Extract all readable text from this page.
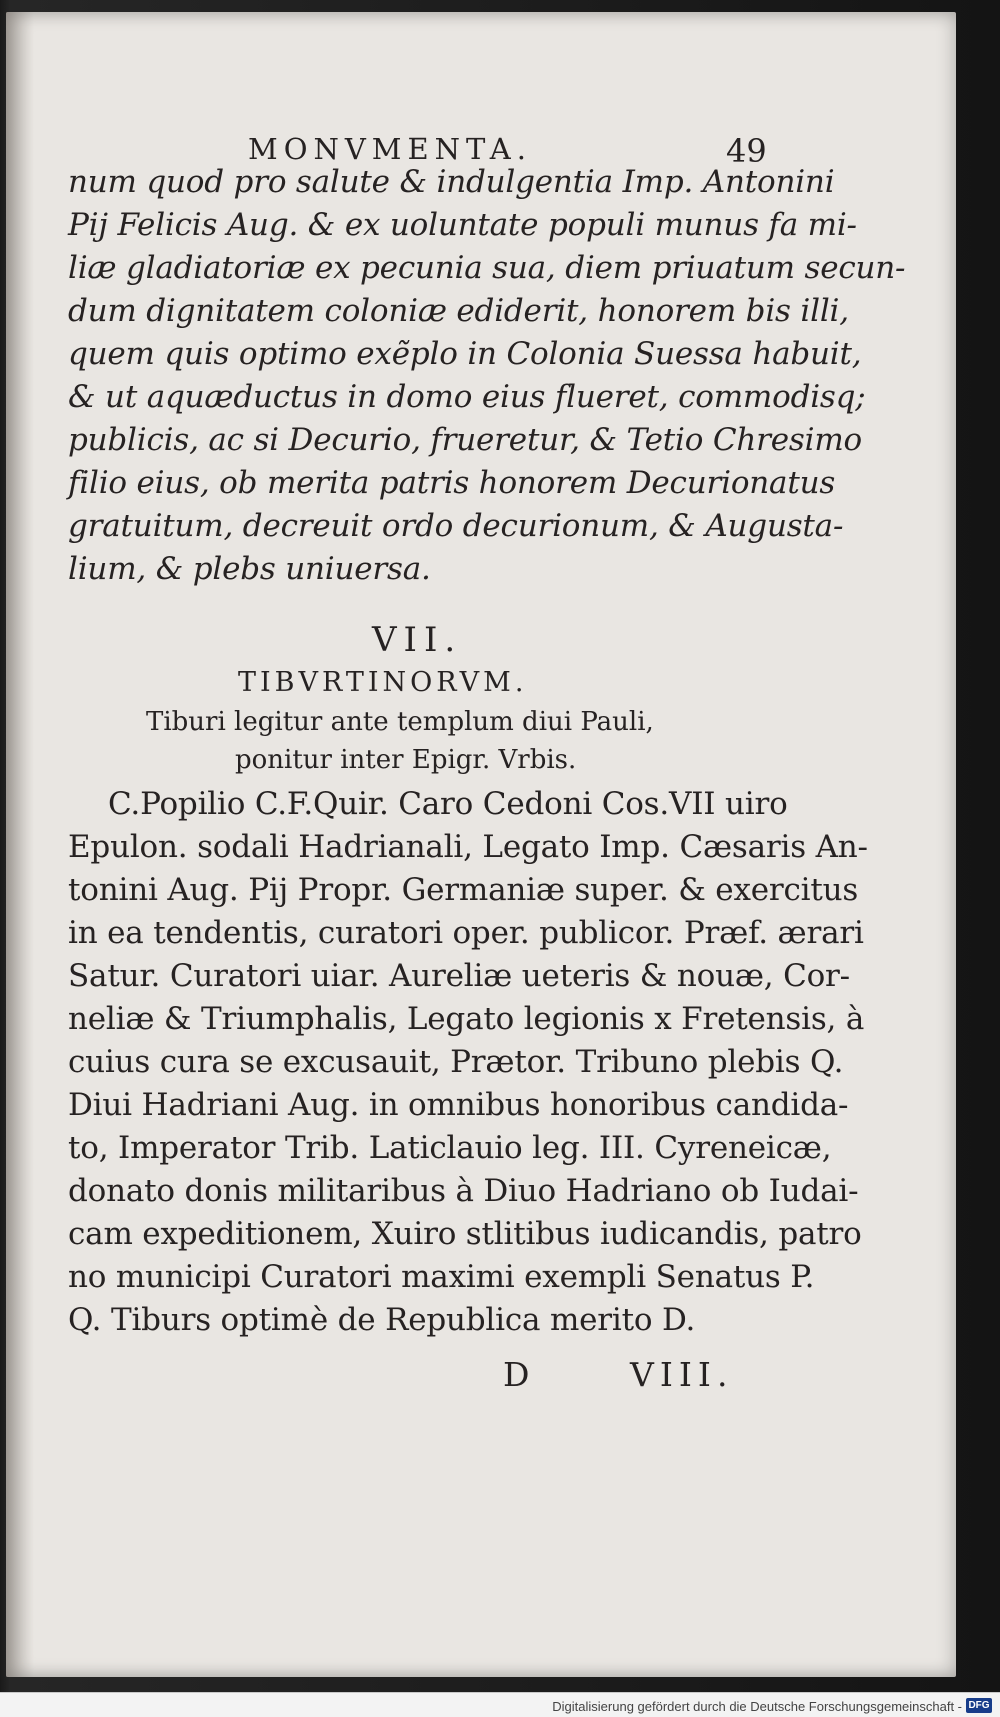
MONVMENTA.	49
num quod pro salute & indulgentia Imp. Antonini
Pij Felicis Aug. & ex uoluntate populi munus fa mi-
liæ gladiatoriæ ex pecunia sua, diem priuatum secun-
dum dignitatem coloniæ ediderit, honorem bis illi,
quem quis optimo exẽplo in Colonia Suessa habuit,
& ut aquæductus in domo eius flueret, commodisq;
publicis, ac si Decurio, frueretur, & Tetio Chresimo
filio eius, ob merita patris honorem Decurionatus
gratuitum, decreuit ordo decurionum, & Augusta-
lium, & plebs uniuersa.
VII.
TIBVRTINORVM.
Tiburi legitur ante templum diui Pauli,
ponitur inter Epigr. Vrbis.
C.Popilio C.F.Quir. Caro Cedoni Cos.VII uiro
Epulon. sodali Hadrianali, Legato Imp. Cæsaris An-
tonini Aug. Pij Propr. Germaniæ super. & exercitus
in ea tendentis, curatori oper. publicor. Præf. ærari
Satur. Curatori uiar. Aureliæ ueteris & nouæ, Cor-
neliæ & Triumphalis, Legato legionis x Fretensis, à
cuius cura se excusauit, Prætor. Tribuno plebis Q.
Diui Hadriani Aug. in omnibus honoribus candida-
to, Imperator Trib. Laticlauio leg. III. Cyreneicæ,
donato donis militaribus à Diuo Hadriano ob Iudai-
cam expeditionem, Xuiro stlitibus iudicandis, patro
no municipi Curatori maximi exempli Senatus P.
Q. Tiburs optimè de Republica merito D.
D	VIII.
Digitalisierung gefördert durch die Deutsche Forschungsgemeinschaft - DFG
